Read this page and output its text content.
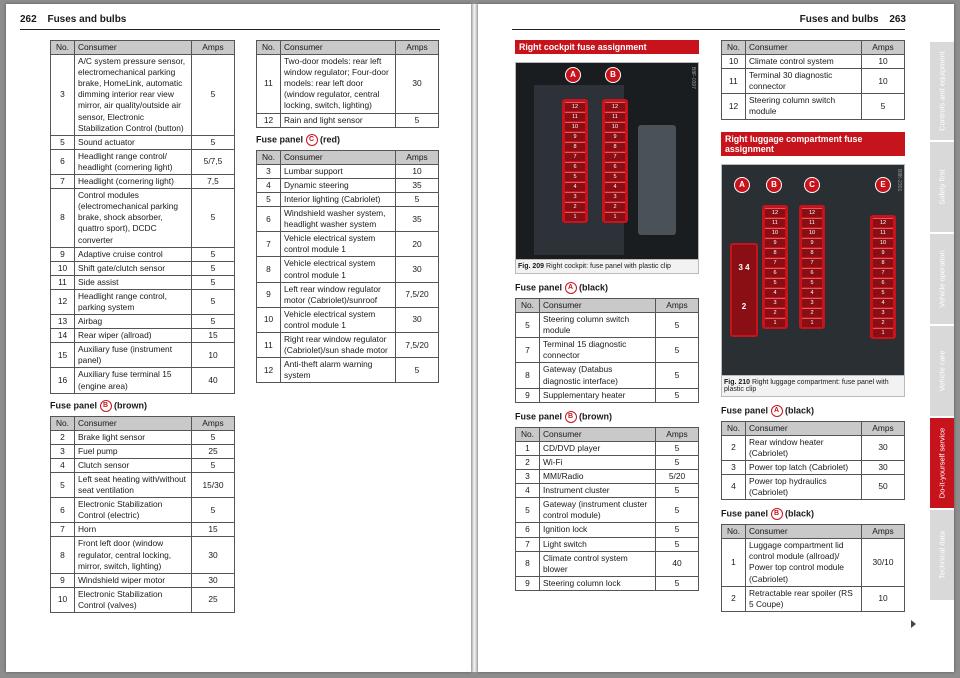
262 Fuses and bulbs
No.	Consumer	Amps
3	A/C system pressure sensor, electromechanical parking brake, HomeLink, automatic dimming interior rear view mirror, air quality/outside air sensor, Electronic Stabilization Control (button)	5
5	Sound actuator	5
6	Headlight range control/ headlight (cornering light)	5/7,5
7	Headlight (cornering light)	7,5
8	Control modules (electromechanical parking brake, shock absorber, quattro sport), DCDC converter	5
9	Adaptive cruise control	5
10	Shift gate/clutch sensor	5
11	Side assist	5
12	Headlight range control, parking system	5
13	Airbag	5
14	Rear wiper (allroad)	15
15	Auxiliary fuse (instrument panel)	10
16	Auxiliary fuse terminal 15 (engine area)	40
Fuse panel B (brown)
No.	Consumer	Amps
2	Brake light sensor	5
3	Fuel pump	25
4	Clutch sensor	5
5	Left seat heating with/without seat ventilation	15/30
6	Electronic Stabilization Control (electric)	5
7	Horn	15
8	Front left door (window regulator, central locking, mirror, switch, lighting)	30
9	Windshield wiper motor	30
10	Electronic Stabilization Control (valves)	25
No.	Consumer	Amps
11	Two-door models: rear left window regulator; Four-door models: rear left door (window regulator, central locking, switch, lighting)	30
12	Rain and light sensor	5
Fuse panel C (red)
No.	Consumer	Amps
3	Lumbar support	10
4	Dynamic steering	35
5	Interior lighting (Cabriolet)	5
6	Windshield washer system, headlight washer system	35
7	Vehicle electrical system control module 1	20
8	Vehicle electrical system control module 1	30
9	Left rear window regulator motor (Cabriolet)/sunroof	7,5/20
10	Vehicle electrical system control module 1	30
11	Right rear window regulator (Cabriolet)/sun shade motor	7,5/20
12	Anti-theft alarm warning system	5
Fuses and bulbs 263
Right cockpit fuse assignment
12
11
10
9
8
7
6
5
4
3
2
1
12
11
10
9
8
7
6
5
4
3
2
1
A	B	B8F-0397
Fig. 209 Right cockpit: fuse panel with plastic clip
Fuse panel A (black)
No.	Consumer	Amps
5	Steering column switch module	5
7	Terminal 15 diagnostic connector	5
8	Gateway (Databus diagnostic interface)	5
9	Supplementary heater	5
Fuse panel B (brown)
No.	Consumer	Amps
1	CD/DVD player	5
2	Wi-Fi	5
3	MMI/Radio	5/20
4	Instrument cluster	5
5	Gateway (instrument cluster control module)	5
6	Ignition lock	5
7	Light switch	5
8	Climate control system blower	40
9	Steering column lock	5
No.	Consumer	Amps
10	Climate control system	10
11	Terminal 30 diagnostic connector	10
12	Steering column switch module	5
Right luggage compartment fuse assignment
3 4
2
12
11
10
9
8
7
6
5
4
3
2
1
12
11
10
9
8
7
6
5
4
3
2
1
12
11
10
9
8
7
6
5
4
3
2
1
A	B	C	E	B8K-2301
Fig. 210 Right luggage compartment: fuse panel with plastic clip
Fuse panel A (black)
No.	Consumer	Amps
2	Rear window heater (Cabriolet)	30
3	Power top latch (Cabriolet)	30
4	Power top hydraulics (Cabriolet)	50
Fuse panel B (black)
No.	Consumer	Amps
1	Luggage compartment lid control module (allroad)/ Power top control module (Cabriolet)	30/10
2	Retractable rear spoiler (RS 5 Coupe)	10
Controls and equipment
Safety first
Vehicle operation
Vehicle care
Do-it-yourself service
Technical data
